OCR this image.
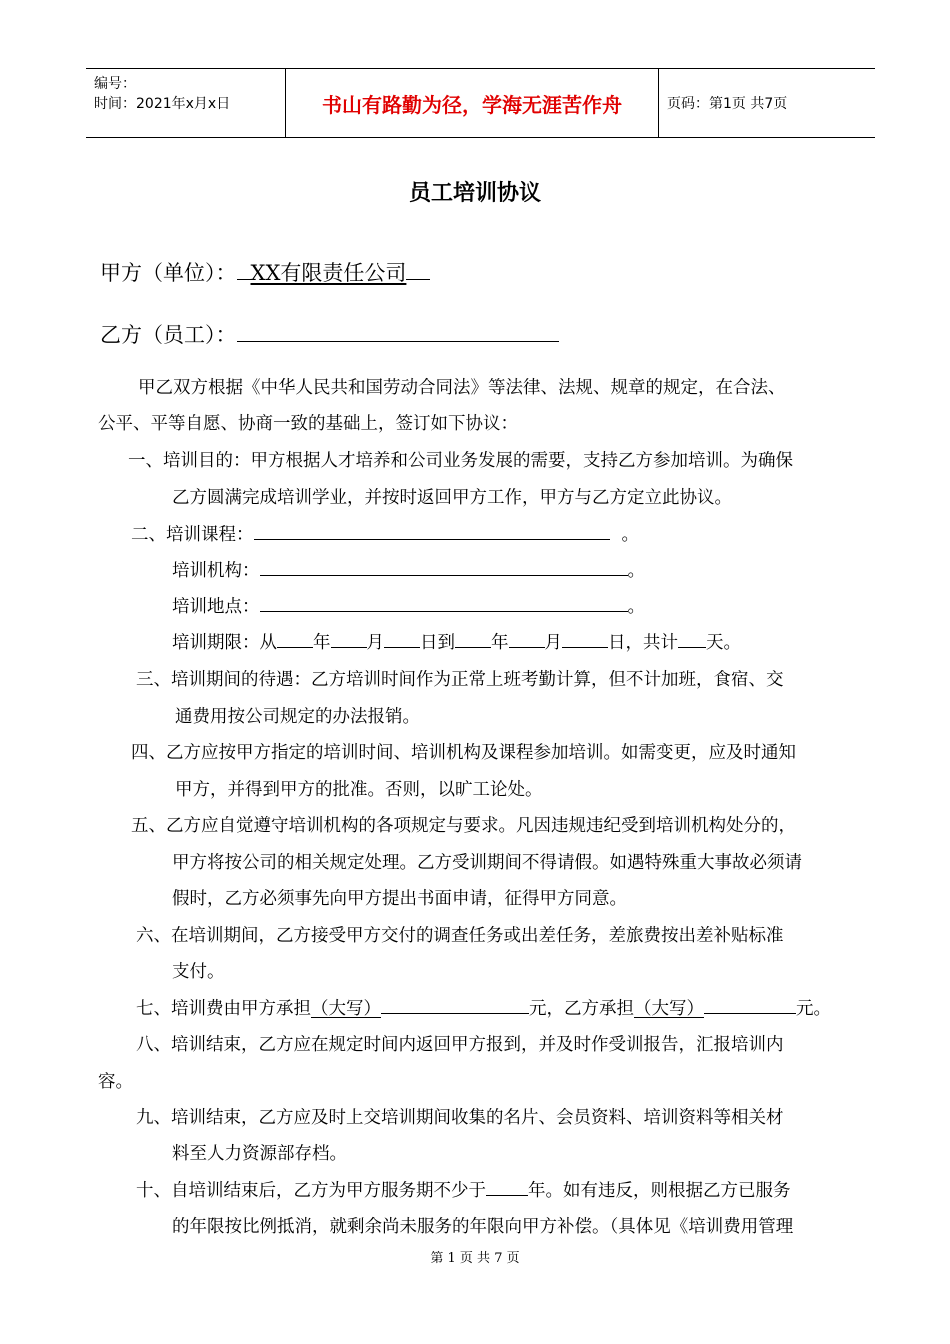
编号：
时间：2021年x月x日	书山有路勤为径，学海无涯苦作舟	页码：第1页 共7页
员工培训协议
甲方（单位）： XX有限责任公司
乙方（员工）：
甲乙双方根据《中华人民共和国劳动合同法》等法律、法规、规章的规定，在合法、
公平、平等自愿、协商一致的基础上，签订如下协议：
一、培训目的：甲方根据人才培养和公司业务发展的需要，支持乙方参加培训。为确保
乙方圆满完成培训学业，并按时返回甲方工作，甲方与乙方定立此协议。
二、培训课程：	。
培训机构：	。
培训地点：	。
培训期限：从 年 月 日到 年 月	日，共计 天。
三、培训期间的待遇：乙方培训时间作为正常上班考勤计算，但不计加班，食宿、交
通费用按公司规定的办法报销。
四、乙方应按甲方指定的培训时间、培训机构及课程参加培训。如需变更，应及时通知
甲方，并得到甲方的批准。否则，以旷工论处。
五、乙方应自觉遵守培训机构的各项规定与要求。凡因违规违纪受到培训机构处分的，
甲方将按公司的相关规定处理。乙方受训期间不得请假。如遇特殊重大事故必须请
假时，乙方必须事先向甲方提出书面申请，征得甲方同意。
六、在培训期间，乙方接受甲方交付的调查任务或出差任务，差旅费按出差补贴标准
支付。
七、培训费由甲方承担（大写）	元，乙方承担（大写）	元。
八、培训结束，乙方应在规定时间内返回甲方报到，并及时作受训报告，汇报培训内
容。
九、培训结束，乙方应及时上交培训期间收集的名片、会员资料、培训资料等相关材
料至人力资源部存档。
十、自培训结束后，乙方为甲方服务期不少于 年。如有违反，则根据乙方已服务
的年限按比例抵消，就剩余尚未服务的年限向甲方补偿。（具体见《培训费用管理
第 1 页 共 7 页
